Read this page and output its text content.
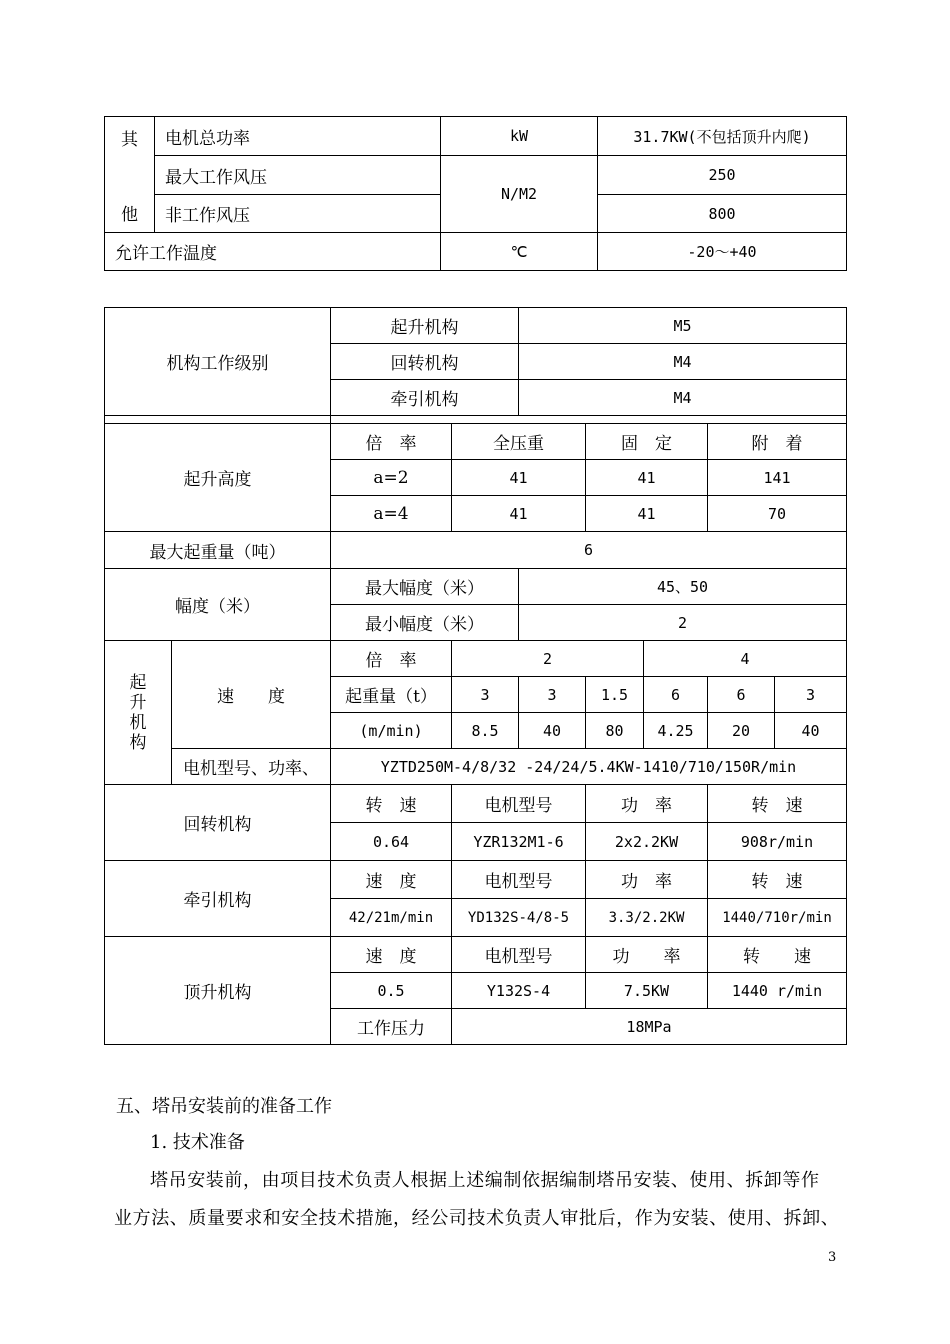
其
他	电机总功率	kW	31.7KW(不包括顶升内爬)
	最大工作风压	N/M2	250
	非工作风压		800
允许工作温度		℃	-20～+40
机构工作级别		起升机构		M5				
		回转机构		M4				
		牵引机构		M4				

起升高度		倍　率	全压重		固　定		附　着	
		a=2	41		41		141	
		a=4	41		41		70	
最大起重量（吨）		6						
幅度（米）		最大幅度（米）		45、50				
		最小幅度（米）		2				

起
升
机
构	速　　度	倍　率	2			4		
		起重量（t）	3	3	1.5	6	6	3
		(m/min)	8.5	40	80	4.25	20	40
	电机型号、功率、	YZTD250M-4/8/32 -24/24/5.4KW-1410/710/150R/min						
回转机构		转　速	电机型号		功　率		转　速	
		0.64	YZR132M1-6		2x2.2KW		908r/min	
牵引机构		速　度	电机型号		功　率		转　速	
		42/21m/min	YD132S-4/8-5		3.3/2.2KW		1440/710r/min	
顶升机构		速　度	电机型号		功　　率		转　　速	
		0.5	Y132S-4		7.5KW		1440 r/min	
		工作压力	18MPa					

五、塔吊安装前的准备工作

1. 技术准备

塔吊安装前，由项目技术负责人根据上述编制依据编制塔吊安装、使用、拆卸等作

业方法、质量要求和安全技术措施，经公司技术负责人审批后，作为安装、使用、拆卸、

3
